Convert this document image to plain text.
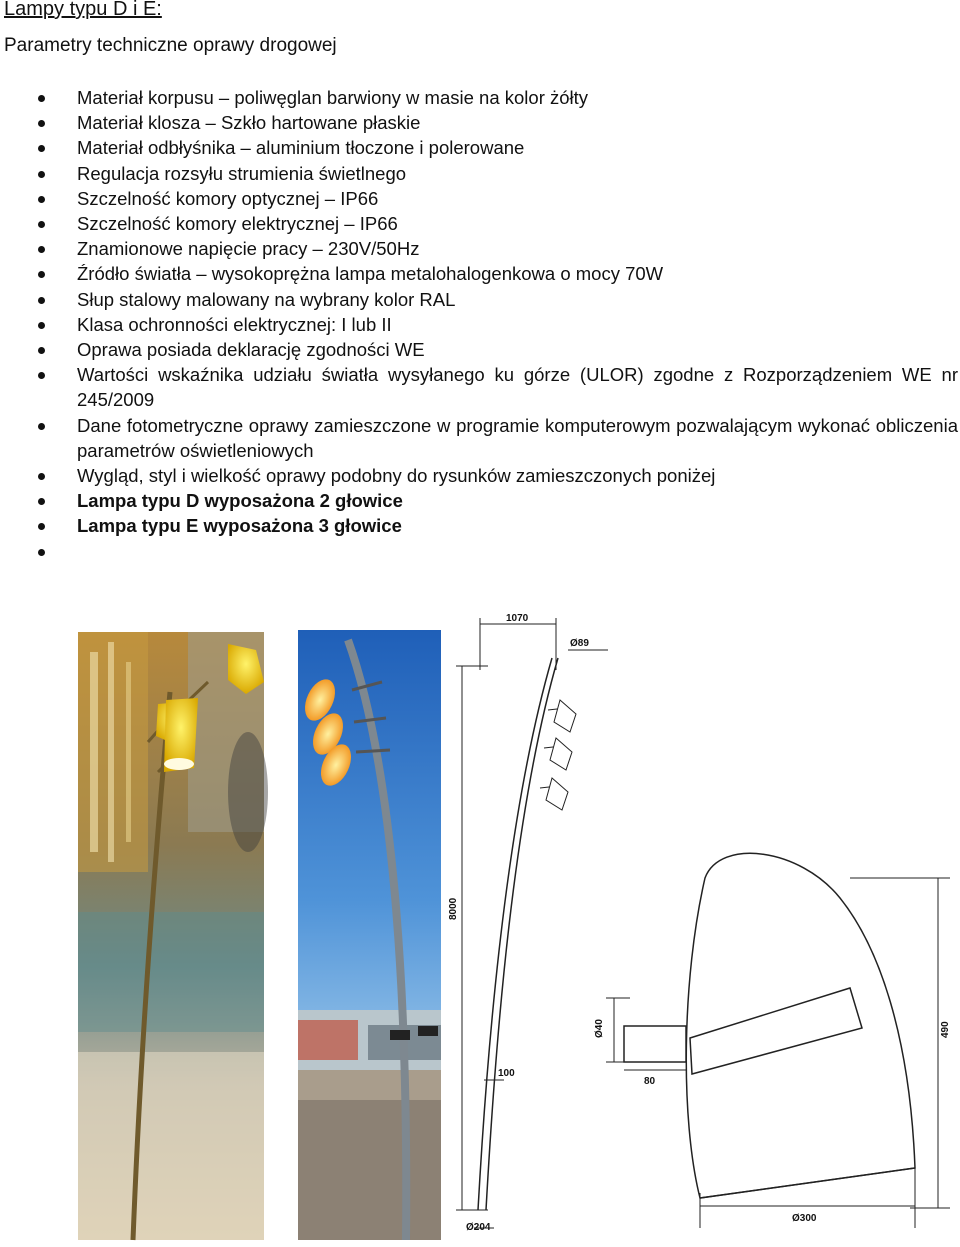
Lampy typu D i E:
Parametry techniczne oprawy drogowej
Materiał korpusu – poliwęglan barwiony w masie na kolor żółty
Materiał klosza – Szkło hartowane płaskie
Materiał odbłyśnika – aluminium tłoczone i polerowane
Regulacja rozsyłu strumienia świetlnego
Szczelność komory optycznej – IP66
Szczelność komory elektrycznej – IP66
Znamionowe napięcie pracy – 230V/50Hz
Źródło światła – wysokoprężna lampa metalohalogenkowa o mocy 70W
Słup stalowy malowany na wybrany kolor RAL
Klasa ochronności elektrycznej: I lub II
Oprawa posiada deklarację zgodności WE
Wartości wskaźnika udziału światła wysyłanego ku górze (ULOR) zgodne z Rozporządzeniem WE nr 245/2009
Dane fotometryczne oprawy zamieszczone w programie komputerowym pozwalającym wykonać obliczenia parametrów oświetleniowych
Wygląd, styl i wielkość oprawy podobny do rysunków zamieszczonych poniżej
Lampa typu D wyposażona 2 głowice
Lampa typu E wyposażona 3 głowice
1070
Ø89
8000
100
Ø204
Ø40
80
490
Ø300
